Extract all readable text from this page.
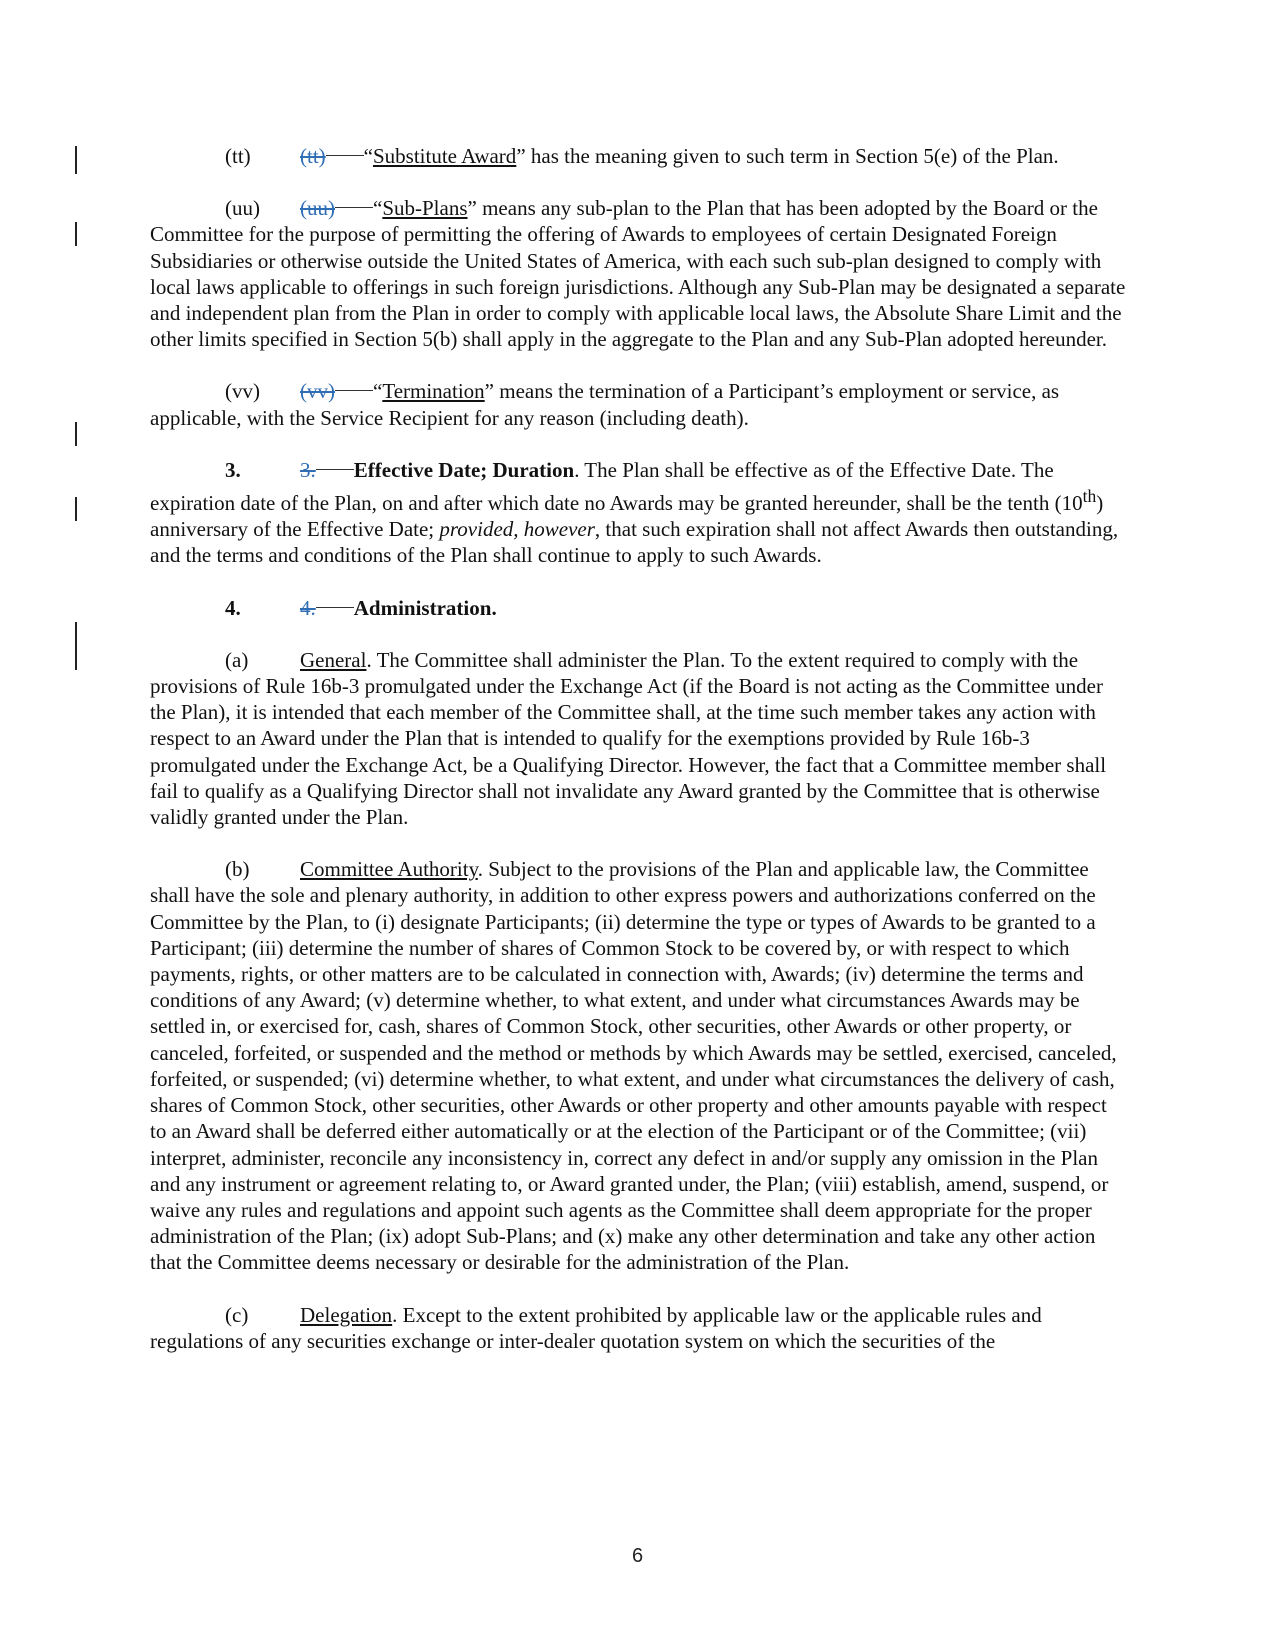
(tt) (tt) “Substitute Award” has the meaning given to such term in Section 5(e) of the Plan.

(uu) (uu) “Sub-Plans” means any sub-plan to the Plan that has been adopted by the Board or the Committee for the purpose of permitting the offering of Awards to employees of certain Designated Foreign Subsidiaries or otherwise outside the United States of America, with each such sub-plan designed to comply with local laws applicable to offerings in such foreign jurisdictions. Although any Sub-Plan may be designated a separate and independent plan from the Plan in order to comply with applicable local laws, the Absolute Share Limit and the other limits specified in Section 5(b) shall apply in the aggregate to the Plan and any Sub-Plan adopted hereunder.

(vv) (vv) “Termination” means the termination of a Participant’s employment or service, as applicable, with the Service Recipient for any reason (including death).

3.	3. Effective Date; Duration. The Plan shall be effective as of the Effective Date. The expiration date of the Plan, on and after which date no Awards may be granted hereunder, shall be the tenth (10th) anniversary of the Effective Date; provided, however, that such expiration shall not affect Awards then outstanding, and the terms and conditions of the Plan shall continue to apply to such Awards.

4.	4. Administration.

(a) General. The Committee shall administer the Plan. To the extent required to comply with the provisions of Rule 16b-3 promulgated under the Exchange Act (if the Board is not acting as the Committee under the Plan), it is intended that each member of the Committee shall, at the time such member takes any action with respect to an Award under the Plan that is intended to qualify for the exemptions provided by Rule 16b-3 promulgated under the Exchange Act, be a Qualifying Director. However, the fact that a Committee member shall fail to qualify as a Qualifying Director shall not invalidate any Award granted by the Committee that is otherwise validly granted under the Plan.

(b) Committee Authority. Subject to the provisions of the Plan and applicable law, the Committee shall have the sole and plenary authority, in addition to other express powers and authorizations conferred on the Committee by the Plan, to (i) designate Participants; (ii) determine the type or types of Awards to be granted to a Participant; (iii) determine the number of shares of Common Stock to be covered by, or with respect to which payments, rights, or other matters are to be calculated in connection with, Awards; (iv) determine the terms and conditions of any Award; (v) determine whether, to what extent, and under what circumstances Awards may be settled in, or exercised for, cash, shares of Common Stock, other securities, other Awards or other property, or canceled, forfeited, or suspended and the method or methods by which Awards may be settled, exercised, canceled, forfeited, or suspended; (vi) determine whether, to what extent, and under what circumstances the delivery of cash, shares of Common Stock, other securities, other Awards or other property and other amounts payable with respect to an Award shall be deferred either automatically or at the election of the Participant or of the Committee; (vii) interpret, administer, reconcile any inconsistency in, correct any defect in and/or supply any omission in the Plan and any instrument or agreement relating to, or Award granted under, the Plan; (viii) establish, amend, suspend, or waive any rules and regulations and appoint such agents as the Committee shall deem appropriate for the proper administration of the Plan; (ix) adopt Sub-Plans; and (x) make any other determination and take any other action that the Committee deems necessary or desirable for the administration of the Plan.

(c) Delegation. Except to the extent prohibited by applicable law or the applicable rules and regulations of any securities exchange or inter-dealer quotation system on which the securities of the

6
